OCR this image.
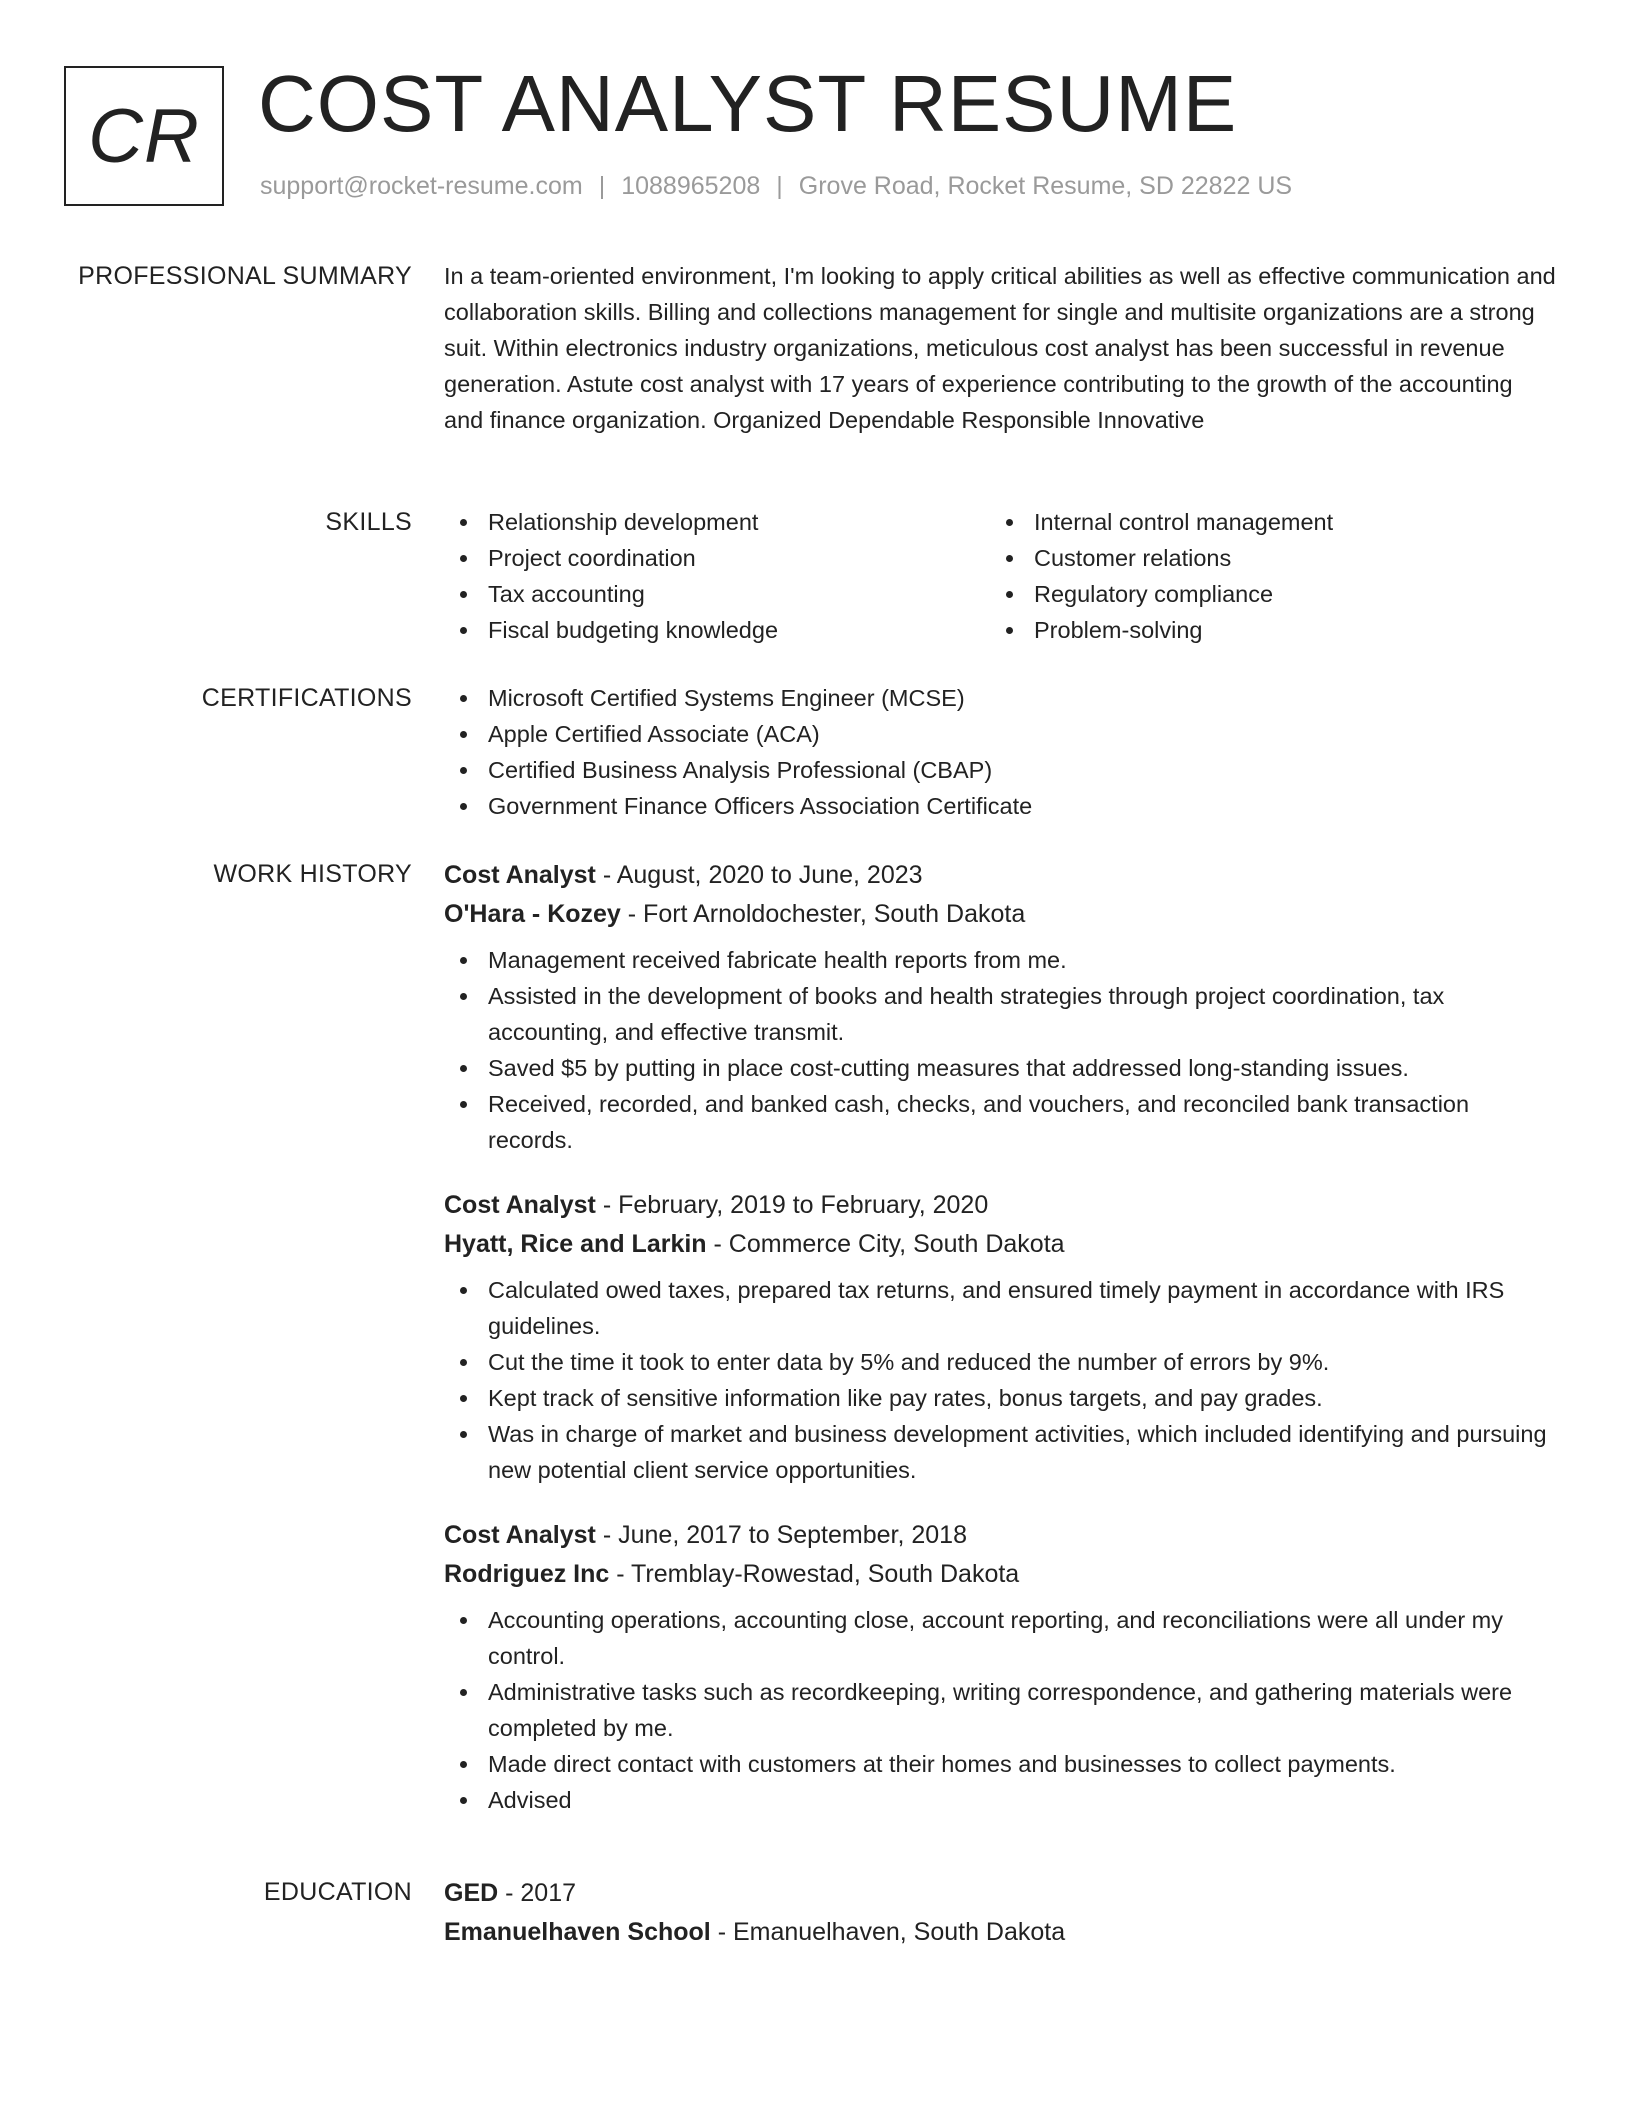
CR COST ANALYST RESUME
support@rocket-resume.com | 1088965208 | Grove Road, Rocket Resume, SD 22822 US
PROFESSIONAL SUMMARY In a team-oriented environment, I'm looking to apply critical abilities as well as effective communication and collaboration skills. Billing and collections management for single and multisite organizations are a strong suit. Within electronics industry organizations, meticulous cost analyst has been successful in revenue generation. Astute cost analyst with 17 years of experience contributing to the growth of the accounting and finance organization. Organized Dependable Responsible Innovative

SKILLS	Relationship development
Project coordination
Tax accounting
Fiscal budgeting knowledge
Internal control management
Customer relations
Regulatory compliance
Problem-solving
CERTIFICATIONS	Microsoft Certified Systems Engineer (MCSE)
Apple Certified Associate (ACA)
Certified Business Analysis Professional (CBAP)
Government Finance Officers Association Certificate
WORK HISTORY Cost Analyst - August, 2020 to June, 2023
O'Hara - Kozey - Fort Arnoldochester, South Dakota
Management received fabricate health reports from me.
Assisted in the development of books and health strategies through project coordination, tax accounting, and effective transmit.
Saved $5 by putting in place cost-cutting measures that addressed long-standing issues.
Received, recorded, and banked cash, checks, and vouchers, and reconciled bank transaction records.
Cost Analyst - February, 2019 to February, 2020
Hyatt, Rice and Larkin - Commerce City, South Dakota
Calculated owed taxes, prepared tax returns, and ensured timely payment in accordance with IRS guidelines.
Cut the time it took to enter data by 5% and reduced the number of errors by 9%.
Kept track of sensitive information like pay rates, bonus targets, and pay grades.
Was in charge of market and business development activities, which included identifying and pursuing new potential client service opportunities.
Cost Analyst - June, 2017 to September, 2018
Rodriguez Inc - Tremblay-Rowestad, South Dakota
Accounting operations, accounting close, account reporting, and reconciliations were all under my control.
Administrative tasks such as recordkeeping, writing correspondence, and gathering materials were completed by me.
Made direct contact with customers at their homes and businesses to collect payments.
Advised
EDUCATION GED - 2017
Emanuelhaven School - Emanuelhaven, South Dakota
